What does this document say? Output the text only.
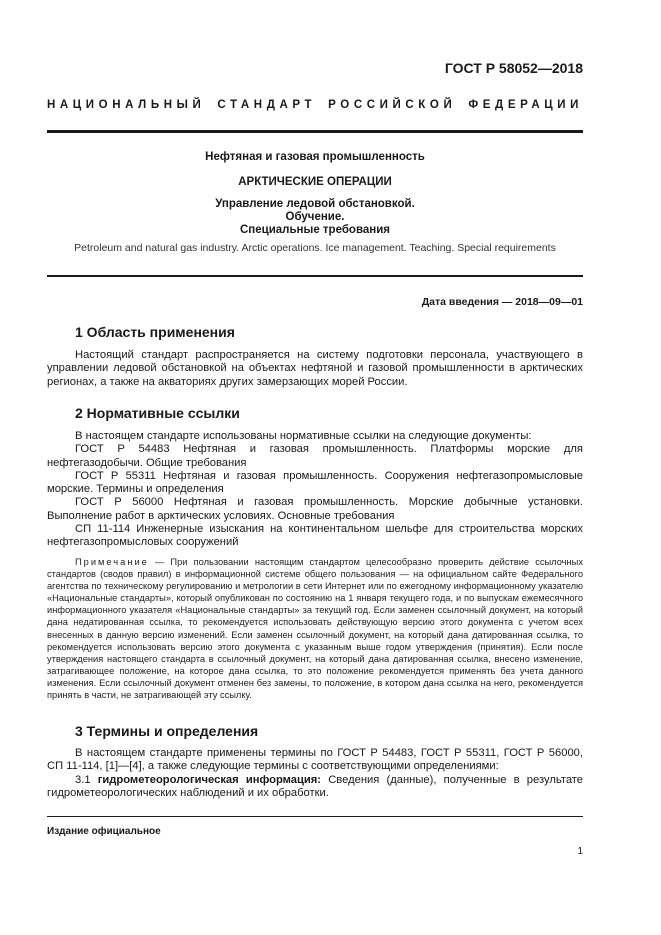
ГОСТ Р 58052—2018
НАЦИОНАЛЬНЫЙ СТАНДАРТ РОССИЙСКОЙ ФЕДЕРАЦИИ
Нефтяная и газовая промышленность
АРКТИЧЕСКИЕ ОПЕРАЦИИ
Управление ледовой обстановкой.
Обучение.
Специальные требования
Petroleum and natural gas industry. Arctic operations. Ice management. Teaching. Special requirements
Дата введения — 2018—09—01
1 Область применения
Настоящий стандарт распространяется на систему подготовки персонала, участвующего в управлении ледовой обстановкой на объектах нефтяной и газовой промышленности в арктических регионах, а также на акваториях других замерзающих морей России.
2 Нормативные ссылки
В настоящем стандарте использованы нормативные ссылки на следующие документы:
ГОСТ Р 54483 Нефтяная и газовая промышленность. Платформы морские для нефтегазодобычи. Общие требования
ГОСТ Р 55311 Нефтяная и газовая промышленность. Сооружения нефтегазопромысловые морские. Термины и определения
ГОСТ Р 56000 Нефтяная и газовая промышленность. Морские добычные установки. Выполнение работ в арктических условиях. Основные требования
СП 11-114 Инженерные изыскания на континентальном шельфе для строительства морских нефтегазопромысловых сооружений
Примечание — При пользовании настоящим стандартом целесообразно проверить действие ссылочных стандартов (сводов правил) в информационной системе общего пользования — на официальном сайте Федерального агентства по техническому регулированию и метрологии в сети Интернет или по ежегодному информационному указателю «Национальные стандарты», который опубликован по состоянию на 1 января текущего года, и по выпускам ежемесячного информационного указателя «Национальные стандарты» за текущий год. Если заменен ссылочный документ, на который дана недатированная ссылка, то рекомендуется использовать действующую версию этого документа с учетом всех внесенных в данную версию изменений. Если заменен ссылочный документ, на который дана датированная ссылка, то рекомендуется использовать версию этого документа с указанным выше годом утверждения (принятия). Если после утверждения настоящего стандарта в ссылочный документ, на который дана датированная ссылка, внесено изменение, затрагивающее положение, на которое дана ссылка, то это положение рекомендуется применять без учета данного изменения. Если ссылочный документ отменен без замены, то положение, в котором дана ссылка на него, рекомендуется принять в части, не затрагивающей эту ссылку.
3 Термины и определения
В настоящем стандарте применены термины по ГОСТ Р 54483, ГОСТ Р 55311, ГОСТ Р 56000, СП 11-114, [1]—[4], а также следующие термины с соответствующими определениями:
3.1 гидрометеорологическая информация: Сведения (данные), полученные в результате гидрометеорологических наблюдений и их обработки.
Издание официальное
1
